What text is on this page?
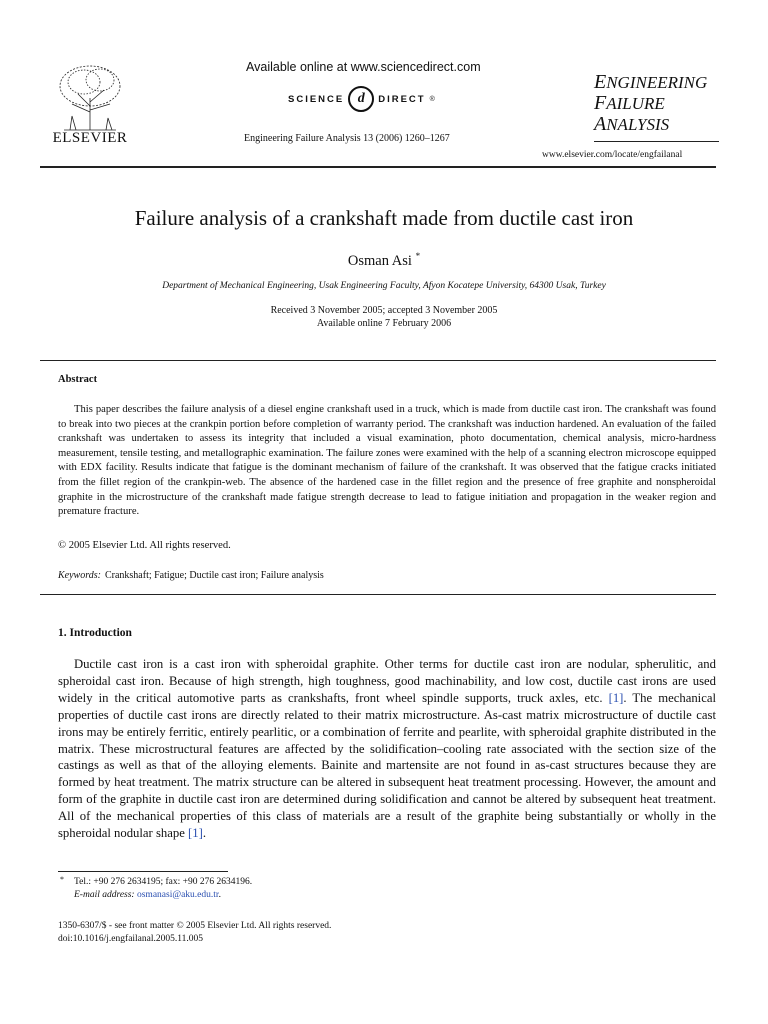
ELSEVIER
Available online at www.sciencedirect.com
SCIENCE d	DIRECT ®
Engineering Failure Analysis 13 (2006) 1260–1267
ENGINEERING
FAILURE
ANALYSIS
www.elsevier.com/locate/engfailanal
Failure analysis of a crankshaft made from ductile cast iron
Osman Asi *
Department of Mechanical Engineering, Usak Engineering Faculty, Afyon Kocatepe University, 64300 Usak, Turkey
Received 3 November 2005; accepted 3 November 2005
Available online 7 February 2006
Abstract

This paper describes the failure analysis of a diesel engine crankshaft used in a truck, which is made from ductile cast iron. The crankshaft was found to break into two pieces at the crankpin portion before completion of warranty period. The crankshaft was induction hardened. An evaluation of the failed crankshaft was undertaken to assess its integrity that included a visual examination, photo documentation, chemical analysis, micro-hardness measurement, tensile testing, and metallographic examination. The failure zones were examined with the help of a scanning electron microscope equipped with EDX facility. Results indicate that fatigue is the dominant mechanism of failure of the crankshaft. It was observed that the fatigue cracks initiated from the fillet region of the crankpin-web. The absence of the hardened case in the fillet region and the presence of free graphite and nonspheroidal graphite in the microstructure of the crankshaft made fatigue strength decrease to lead to fatigue initiation and propagation in the weaker region and premature fracture.

© 2005 Elsevier Ltd. All rights reserved.
Keywords: Crankshaft; Fatigue; Ductile cast iron; Failure analysis
1. Introduction

Ductile cast iron is a cast iron with spheroidal graphite. Other terms for ductile cast iron are nodular, spherulitic, and spheroidal cast iron. Because of high strength, high toughness, good machinability, and low cost, ductile cast irons are used widely in the critical automotive parts as crankshafts, front wheel spindle supports, truck axles, etc. [1]. The mechanical properties of ductile cast irons are directly related to their matrix microstructure. As-cast matrix microstructure of ductile cast irons may be entirely ferritic, entirely pearlitic, or a combination of ferrite and pearlite, with spheroidal graphite distributed in the matrix. These microstructural features are affected by the solidification–cooling rate associated with the section size of the castings as well as that of the alloying elements. Bainite and martensite are not found in as-cast structures because they are formed by heat treatment. The matrix structure can be altered in subsequent heat treatment processing. However, the amount and form of the graphite in ductile cast iron are determined during solidification and cannot be altered by subsequent heat treatment. All of the mechanical properties of this class of materials are a result of the graphite being substantially or wholly in the spheroidal nodular shape [1].

*	Tel.: +90 276 2634195; fax: +90 276 2634196.
E-mail address: osmanasi@aku.edu.tr.
1350-6307/$ - see front matter © 2005 Elsevier Ltd. All rights reserved.
doi:10.1016/j.engfailanal.2005.11.005
